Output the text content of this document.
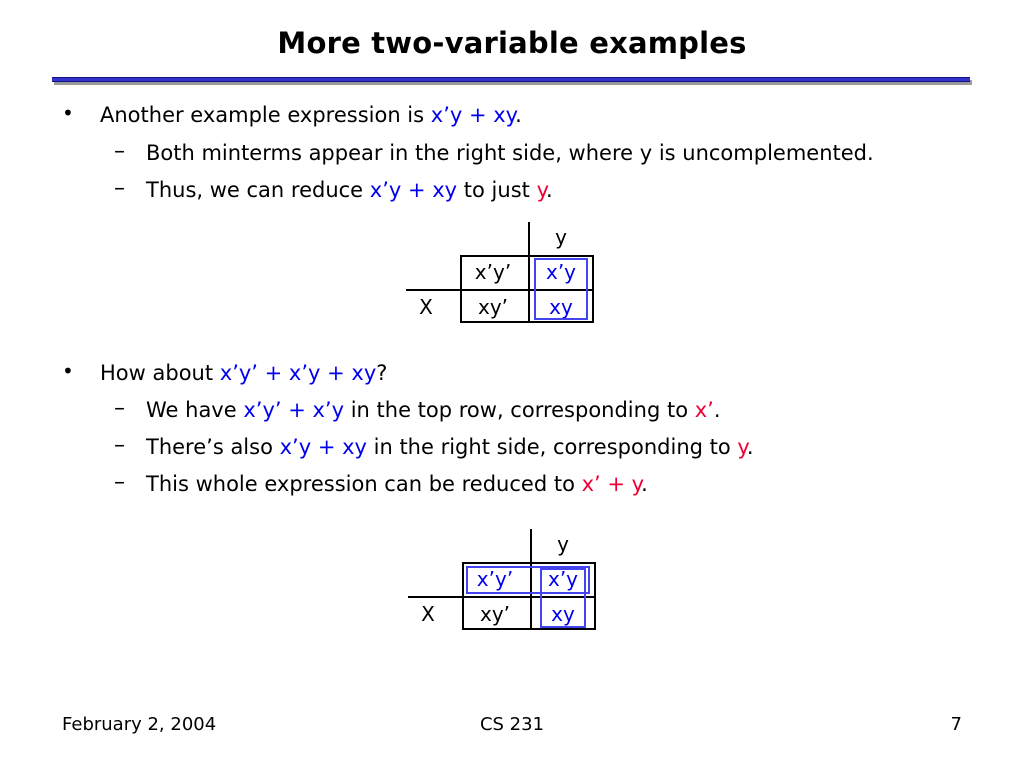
More two-variable examples
• Another example expression is x’y + xy.
– Both minterms appear in the right side, where y is uncomplemented.
– Thus, we can reduce x’y + xy to just y.
y
X
x’y’	x’y
xy’	xy
• How about x’y’ + x’y + xy?
– We have x’y’ + x’y in the top row, corresponding to x’.
– There’s also x’y + xy in the right side, corresponding to y.
– This whole expression can be reduced to x’ + y.
y
X
x’y’	x’y
xy’	xy
February 2, 2004	CS 231	7
